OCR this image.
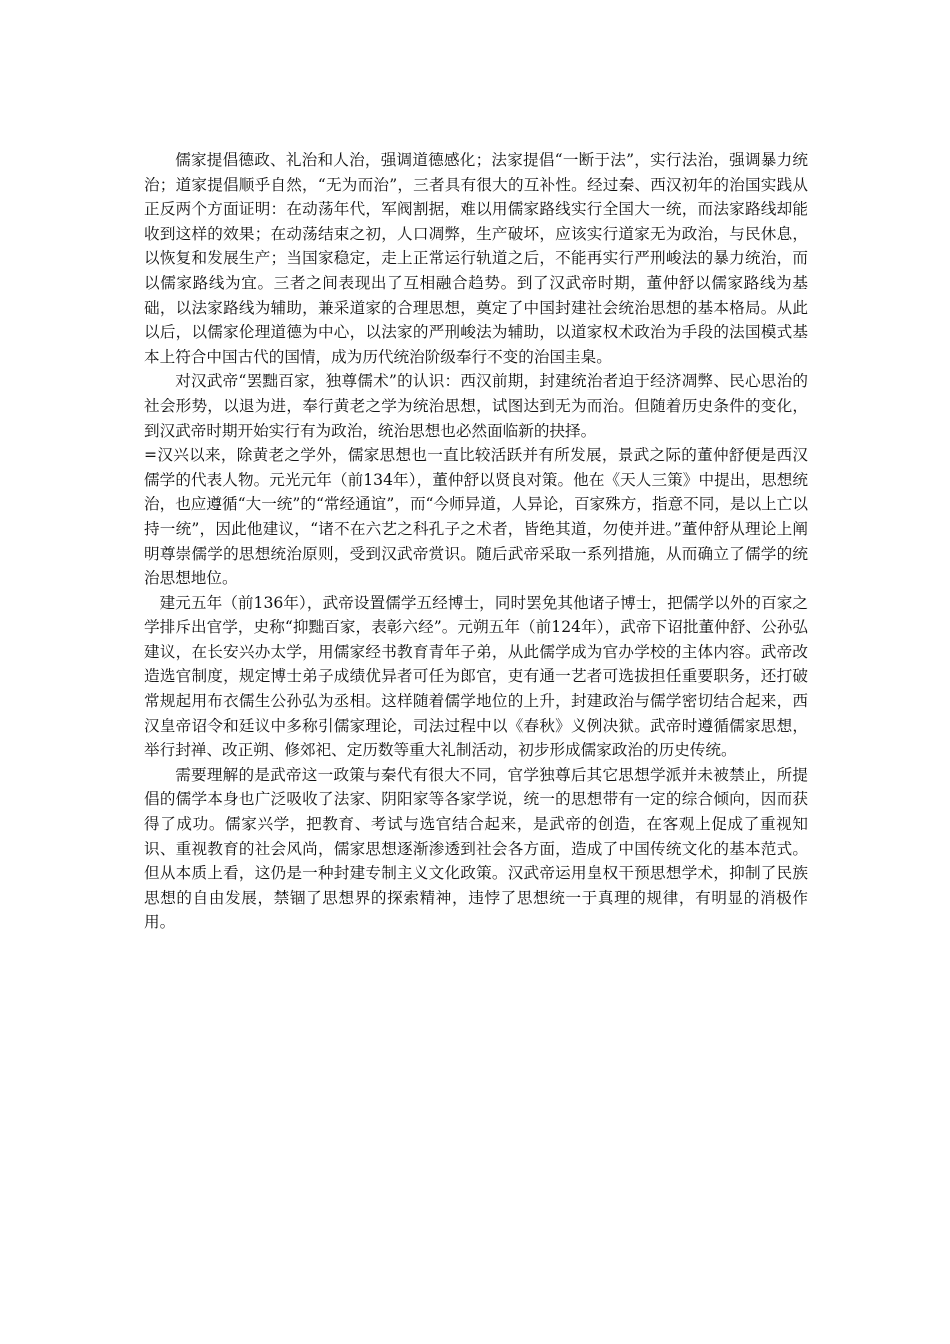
儒家提倡德政、礼治和人治，强调道德感化；法家提倡“一断于法”，实行法治，强调暴力统治；道家提倡顺乎自然，“无为而治”，三者具有很大的互补性。经过秦、西汉初年的治国实践从正反两个方面证明：在动荡年代，军阀割据，难以用儒家路线实行全国大一统，而法家路线却能收到这样的效果；在动荡结束之初，人口凋弊，生产破坏，应该实行道家无为政治，与民休息，以恢复和发展生产；当国家稳定，走上正常运行轨道之后，不能再实行严刑峻法的暴力统治，而以儒家路线为宜。三者之间表现出了互相融合趋势。到了汉武帝时期，董仲舒以儒家路线为基础，以法家路线为辅助，兼采道家的合理思想，奠定了中国封建社会统治思想的基本格局。从此以后，以儒家伦理道德为中心，以法家的严刑峻法为辅助，以道家权术政治为手段的法国模式基本上符合中国古代的国情，成为历代统治阶级奉行不变的治国圭臬。

对汉武帝“罢黜百家，独尊儒术”的认识：西汉前期，封建统治者迫于经济凋弊、民心思治的社会形势，以退为进，奉行黄老之学为统治思想，试图达到无为而治。但随着历史条件的变化，到汉武帝时期开始实行有为政治，统治思想也必然面临新的抉择。

=汉兴以来，除黄老之学外，儒家思想也一直比较活跃并有所发展，景武之际的董仲舒便是西汉儒学的代表人物。元光元年（前134年），董仲舒以贤良对策。他在《天人三策》中提出，思想统治，也应遵循“大一统”的“常经通谊”，而“今师异道，人异论，百家殊方，指意不同，是以上亡以持一统”，因此他建议，“诸不在六艺之科孔子之术者，皆绝其道，勿使并进。”董仲舒从理论上阐明尊崇儒学的思想统治原则，受到汉武帝赏识。随后武帝采取一系列措施，从而确立了儒学的统治思想地位。

建元五年（前136年），武帝设置儒学五经博士，同时罢免其他诸子博士，把儒学以外的百家之学排斥出官学，史称“抑黜百家，表彰六经”。元朔五年（前124年），武帝下诏批董仲舒、公孙弘建议，在长安兴办太学，用儒家经书教育青年子弟，从此儒学成为官办学校的主体内容。武帝改造选官制度，规定博士弟子成绩优异者可任为郎官，吏有通一艺者可选拔担任重要职务，还打破常规起用布衣儒生公孙弘为丞相。这样随着儒学地位的上升，封建政治与儒学密切结合起来，西汉皇帝诏令和廷议中多称引儒家理论，司法过程中以《春秋》义例决狱。武帝时遵循儒家思想，举行封禅、改正朔、修郊祀、定历数等重大礼制活动，初步形成儒家政治的历史传统。

需要理解的是武帝这一政策与秦代有很大不同，官学独尊后其它思想学派并未被禁止，所提倡的儒学本身也广泛吸收了法家、阴阳家等各家学说，统一的思想带有一定的综合倾向，因而获得了成功。儒家兴学，把教育、考试与选官结合起来，是武帝的创造，在客观上促成了重视知识、重视教育的社会风尚，儒家思想逐渐渗透到社会各方面，造成了中国传统文化的基本范式。但从本质上看，这仍是一种封建专制主义文化政策。汉武帝运用皇权干预思想学术，抑制了民族思想的自由发展，禁锢了思想界的探索精神，违悖了思想统一于真理的规律，有明显的消极作用。
